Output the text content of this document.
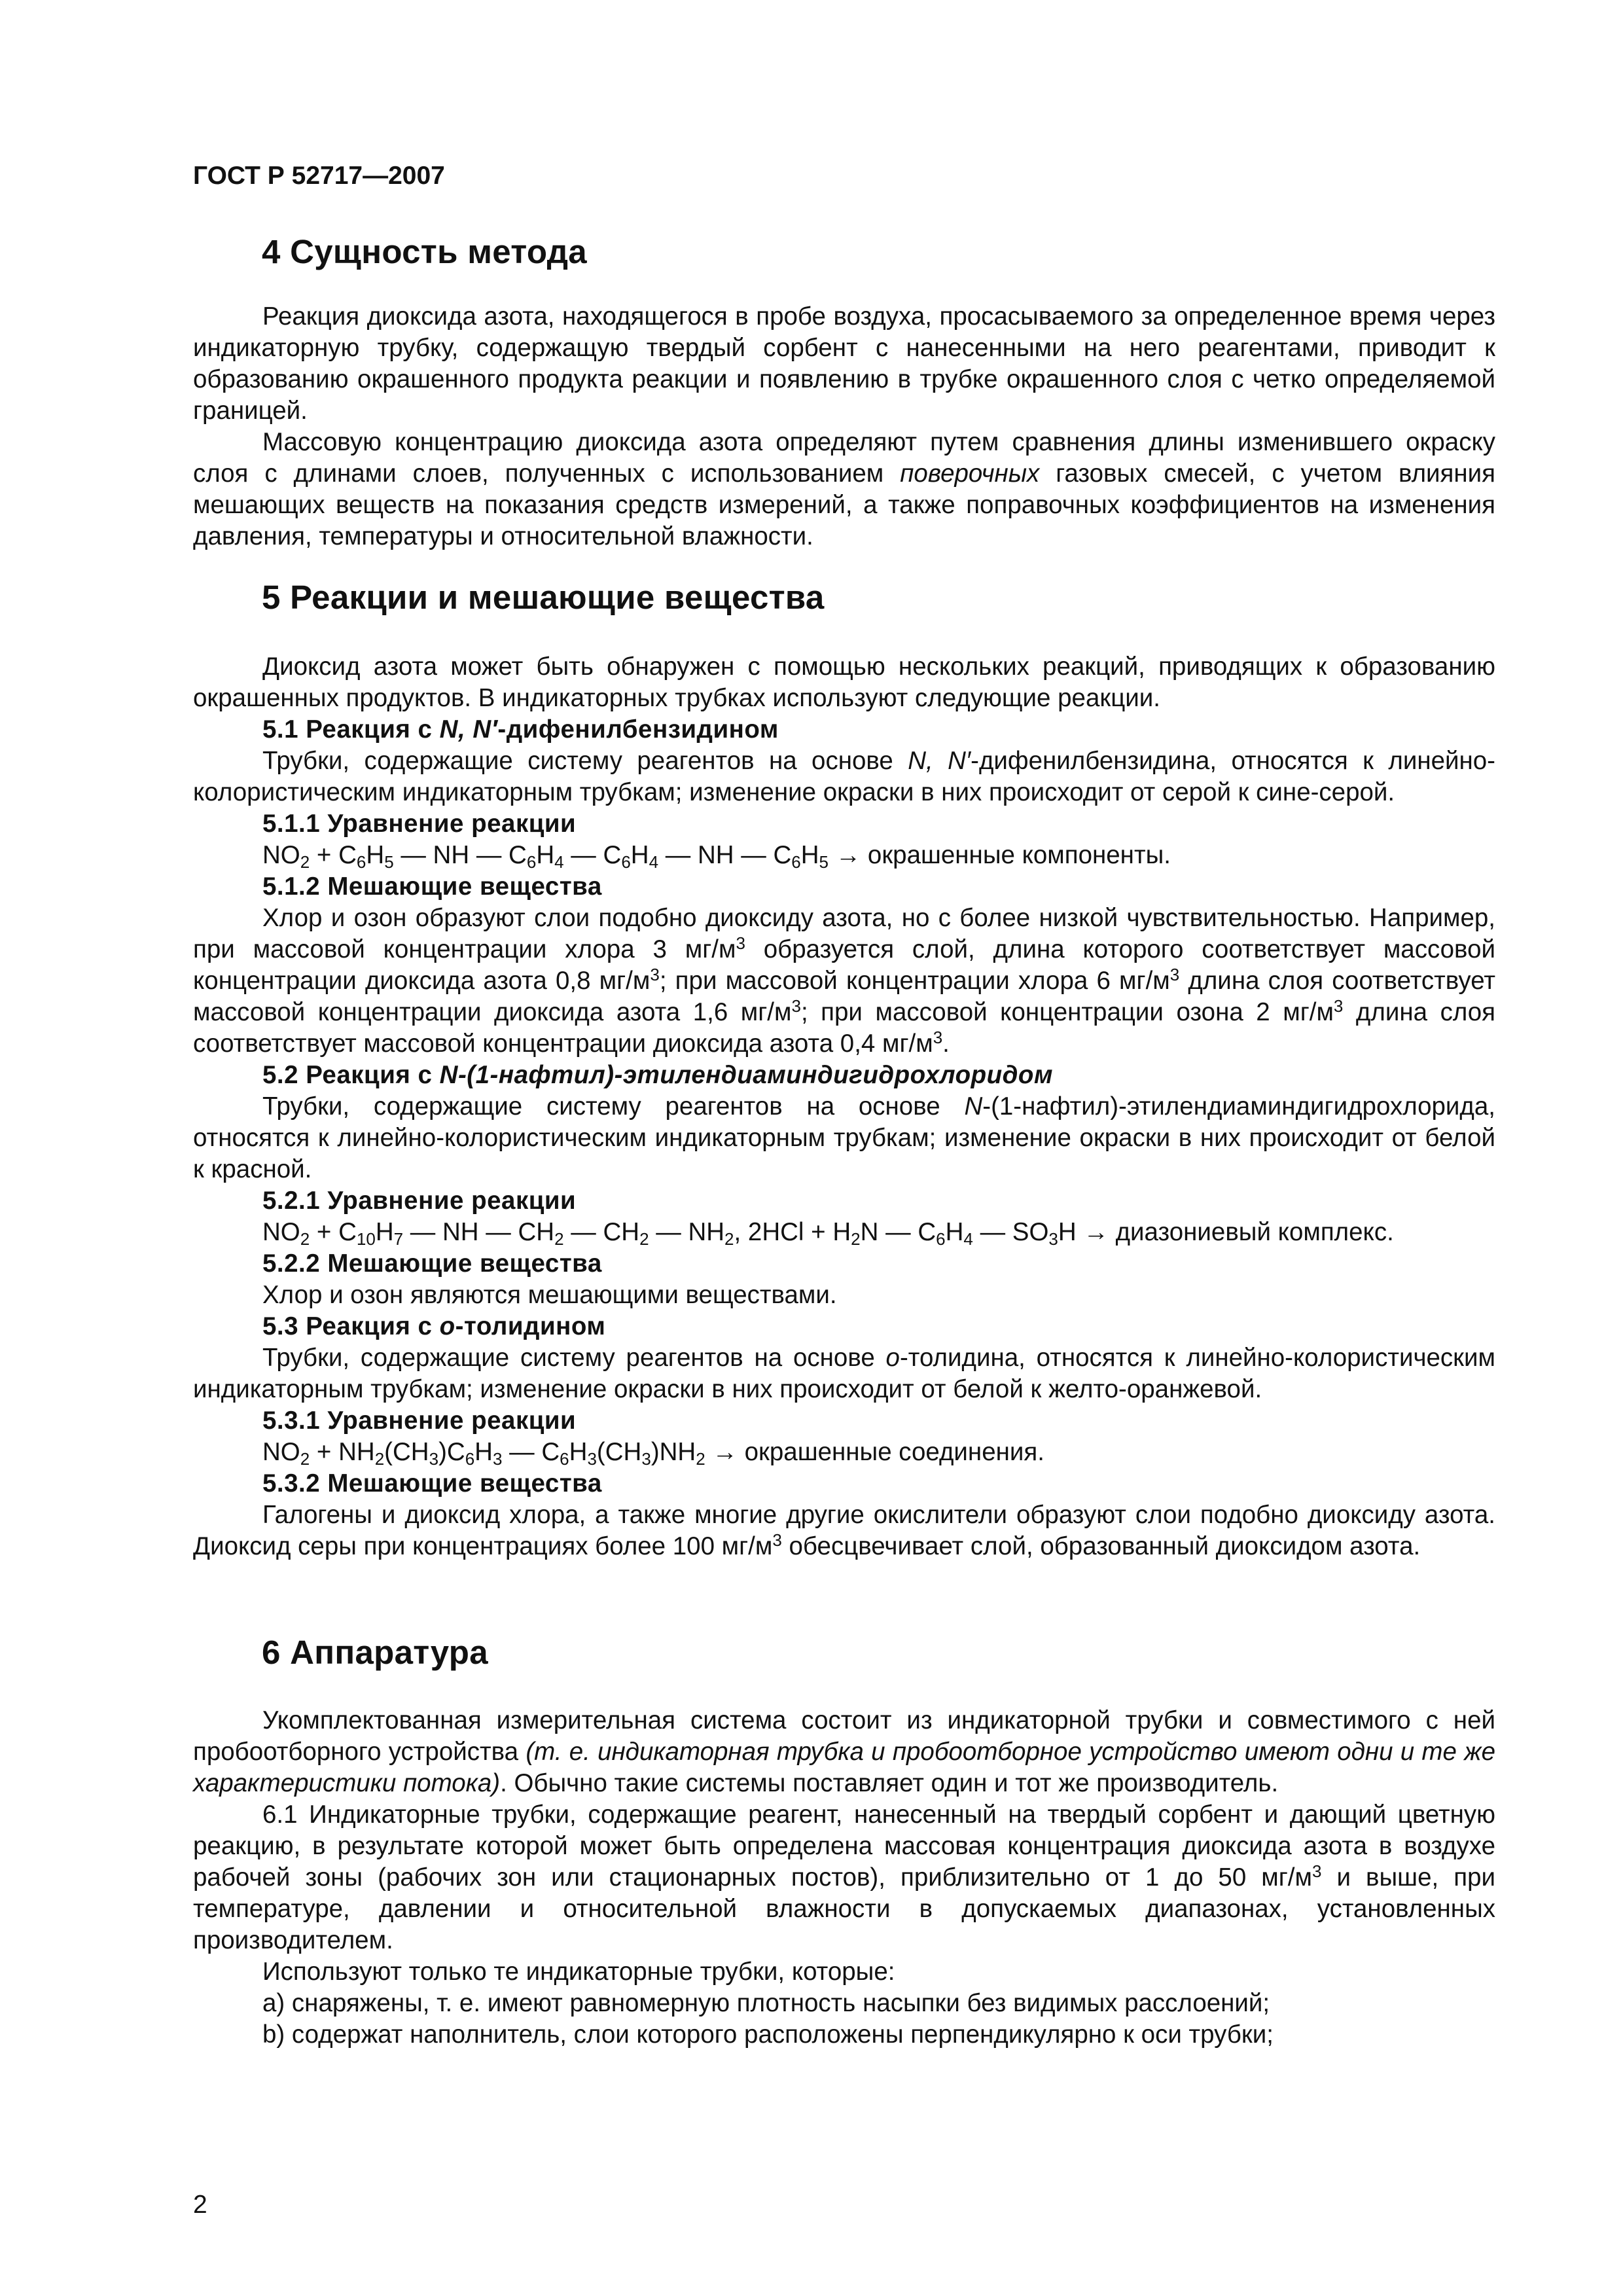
ГОСТ Р 52717—2007
4 Сущность метода

Реакция диоксида азота, находящегося в пробе воздуха, просасываемого за определенное время через индикаторную трубку, содержащую твердый сорбент с нанесенными на него реагентами, приводит к образованию окрашенного продукта реакции и появлению в трубке окрашенного слоя с четко определяемой границей.

Массовую концентрацию диоксида азота определяют путем сравнения длины изменившего окраску слоя с длинами слоев, полученных с использованием поверочных газовых смесей, с учетом влияния мешающих веществ на показания средств измерений, а также поправочных коэффициентов на изменения давления, температуры и относительной влажности.

5 Реакции и мешающие вещества

Диоксид азота может быть обнаружен с помощью нескольких реакций, приводящих к образованию окрашенных продуктов. В индикаторных трубках используют следующие реакции.

5.1 Реакция с N, N′-дифенилбензидином

Трубки, содержащие систему реагентов на основе N, N′-дифенилбензидина, относятся к линейно-колористическим индикаторным трубкам; изменение окраски в них происходит от серой к сине-серой.

5.1.1 Уравнение реакции

$NO_2 + C_6H_5$ — NH — $C_6H_4$ — $C_6H_4$ — NH — $C_6H_5$ → окрашенные компоненты.

5.1.2 Мешающие вещества

Хлор и озон образуют слои подобно диоксиду азота, но с более низкой чувствительностью. Например, при массовой концентрации хлора 3 $мг/м^3$ образуется слой, длина которого соответствует массовой концентрации диоксида азота 0,8 $мг/м^3$; при массовой концентрации хлора 6 $мг/м^3$ длина слоя соответствует массовой концентрации диоксида азота 1,6 $мг/м^3$; при массовой концентрации озона 2 $мг/м^3$ длина слоя соответствует массовой концентрации диоксида азота 0,4 $мг/м^3$.

5.2 Реакция с N-(1-нафтил)-этилендиаминдигидрохлоридом

Трубки, содержащие систему реагентов на основе N-(1-нафтил)-этилендиаминдигидрохлорида, относятся к линейно-колористическим индикаторным трубкам; изменение окраски в них происходит от белой к красной.

5.2.1 Уравнение реакции

$NO_2 + C_{10}H_7$ — NH — $CH_2$ — $CH_2$ — $NH_2$, $2HCl + H_2N$ — $C_6H_4$ — $SO_3H$ → диазониевый комплекс.

5.2.2 Мешающие вещества

Хлор и озон являются мешающими веществами.

5.3 Реакция с о-толидином

Трубки, содержащие систему реагентов на основе о-толидина, относятся к линейно-колористическим индикаторным трубкам; изменение окраски в них происходит от белой к желто-оранжевой.

5.3.1 Уравнение реакции

$NO_2 + NH_2(CH_3)C_6H_3$ — $C_6H_3(CH_3)NH_2$ → окрашенные соединения.

5.3.2 Мешающие вещества

Галогены и диоксид хлора, а также многие другие окислители образуют слои подобно диоксиду азота. Диоксид серы при концентрациях более 100 $мг/м^3$ обесцвечивает слой, образованный диоксидом азота.

6 Аппаратура

Укомплектованная измерительная система состоит из индикаторной трубки и совместимого с ней пробоотборного устройства (т. е. индикаторная трубка и пробоотборное устройство имеют одни и те же характеристики потока). Обычно такие системы поставляет один и тот же производитель.

6.1 Индикаторные трубки, содержащие реагент, нанесенный на твердый сорбент и дающий цветную реакцию, в результате которой может быть определена массовая концентрация диоксида азота в воздухе рабочей зоны (рабочих зон или стационарных постов), приблизительно от 1 до 50 $мг/м^3$ и выше, при температуре, давлении и относительной влажности в допускаемых диапазонах, установленных производителем.

Используют только те индикаторные трубки, которые:

a) снаряжены, т. е. имеют равномерную плотность насыпки без видимых расслоений;

b) содержат наполнитель, слои которого расположены перпендикулярно к оси трубки;

2
